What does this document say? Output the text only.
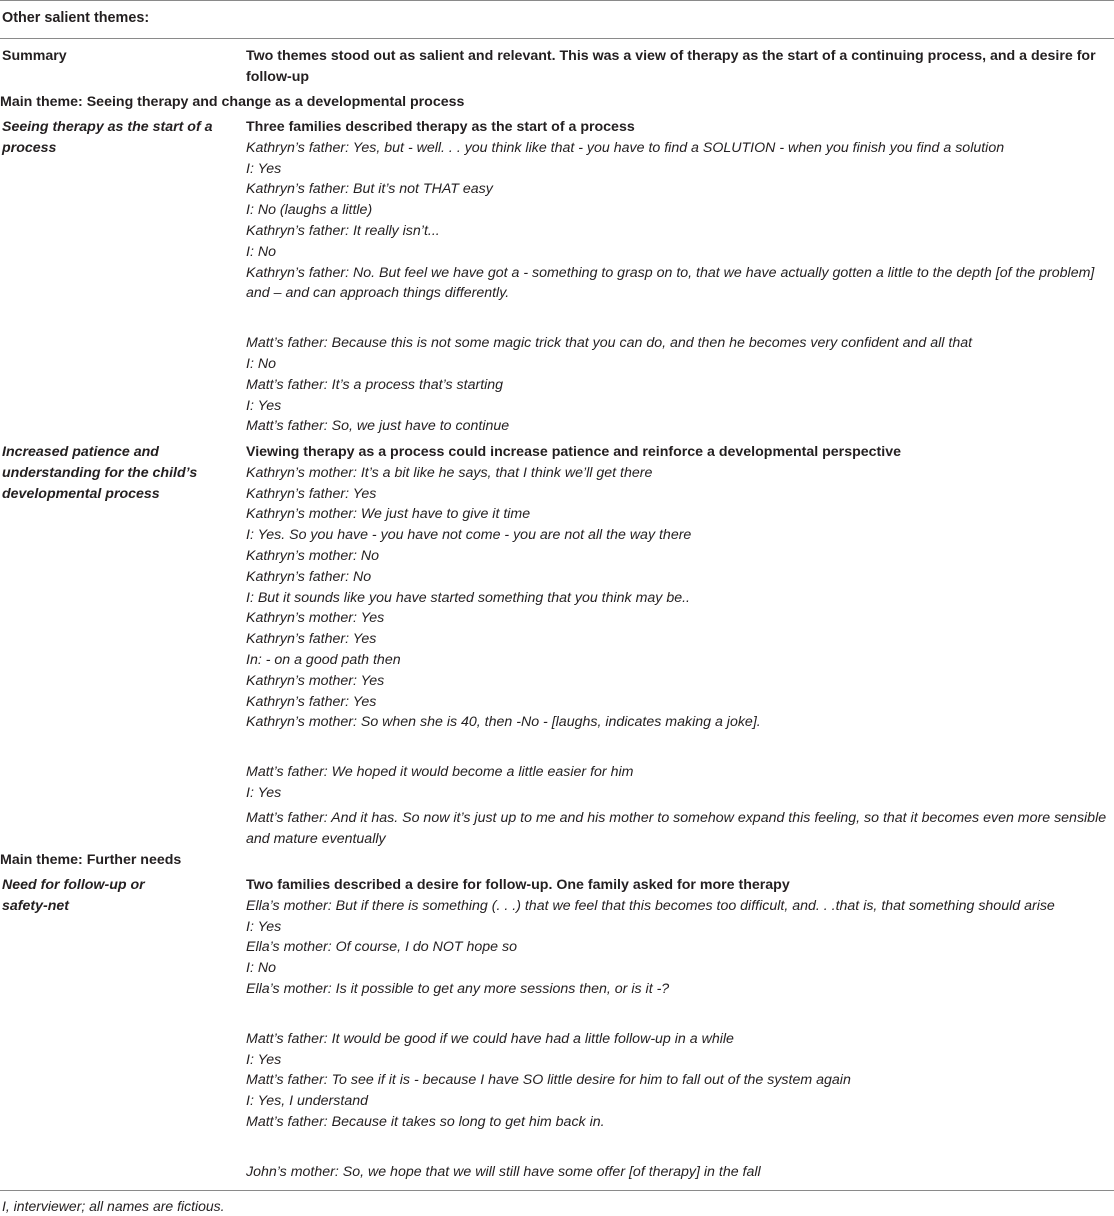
Other salient themes:
Summary	Two themes stood out as salient and relevant. This was a view of therapy as the start of a continuing process, and a desire for follow-up
Main theme: Seeing therapy and change as a developmental process
Seeing therapy as the start of a process
Three families described therapy as the start of a process
Kathryn’s father: Yes, but - well. . . you think like that - you have to find a SOLUTION - when you finish you find a solution
I: Yes
Kathryn’s father: But it’s not THAT easy
I: No (laughs a little)
Kathryn’s father: It really isn’t...
I: No
Kathryn’s father: No. But feel we have got a - something to grasp on to, that we have actually gotten a little to the depth [of the problem] and – and can approach things differently.
Matt’s father: Because this is not some magic trick that you can do, and then he becomes very confident and all that
I: No
Matt’s father: It’s a process that’s starting
I: Yes
Matt’s father: So, we just have to continue
Increased patience and understanding for the child’s developmental process
Viewing therapy as a process could increase patience and reinforce a developmental perspective
Kathryn’s mother: It’s a bit like he says, that I think we’ll get there
Kathryn’s father: Yes
Kathryn’s mother: We just have to give it time
I: Yes. So you have - you have not come - you are not all the way there
Kathryn’s mother: No
Kathryn’s father: No
I: But it sounds like you have started something that you think may be..
Kathryn’s mother: Yes
Kathryn’s father: Yes
In: - on a good path then
Kathryn’s mother: Yes
Kathryn’s father: Yes
Kathryn’s mother: So when she is 40, then -No - [laughs, indicates making a joke].
Matt’s father: We hoped it would become a little easier for him
I: Yes
Matt’s father: And it has. So now it’s just up to me and his mother to somehow expand this feeling, so that it becomes even more sensible and mature eventually
Main theme: Further needs
Need for follow-up or safety-net
Two families described a desire for follow-up. One family asked for more therapy
Ella’s mother: But if there is something (. . .) that we feel that this becomes too difficult, and. . .that is, that something should arise
I: Yes
Ella’s mother: Of course, I do NOT hope so
I: No
Ella’s mother: Is it possible to get any more sessions then, or is it -?
Matt’s father: It would be good if we could have had a little follow-up in a while
I: Yes
Matt’s father: To see if it is - because I have SO little desire for him to fall out of the system again
I: Yes, I understand
Matt’s father: Because it takes so long to get him back in.
John’s mother: So, we hope that we will still have some offer [of therapy] in the fall
I, interviewer; all names are fictious.
